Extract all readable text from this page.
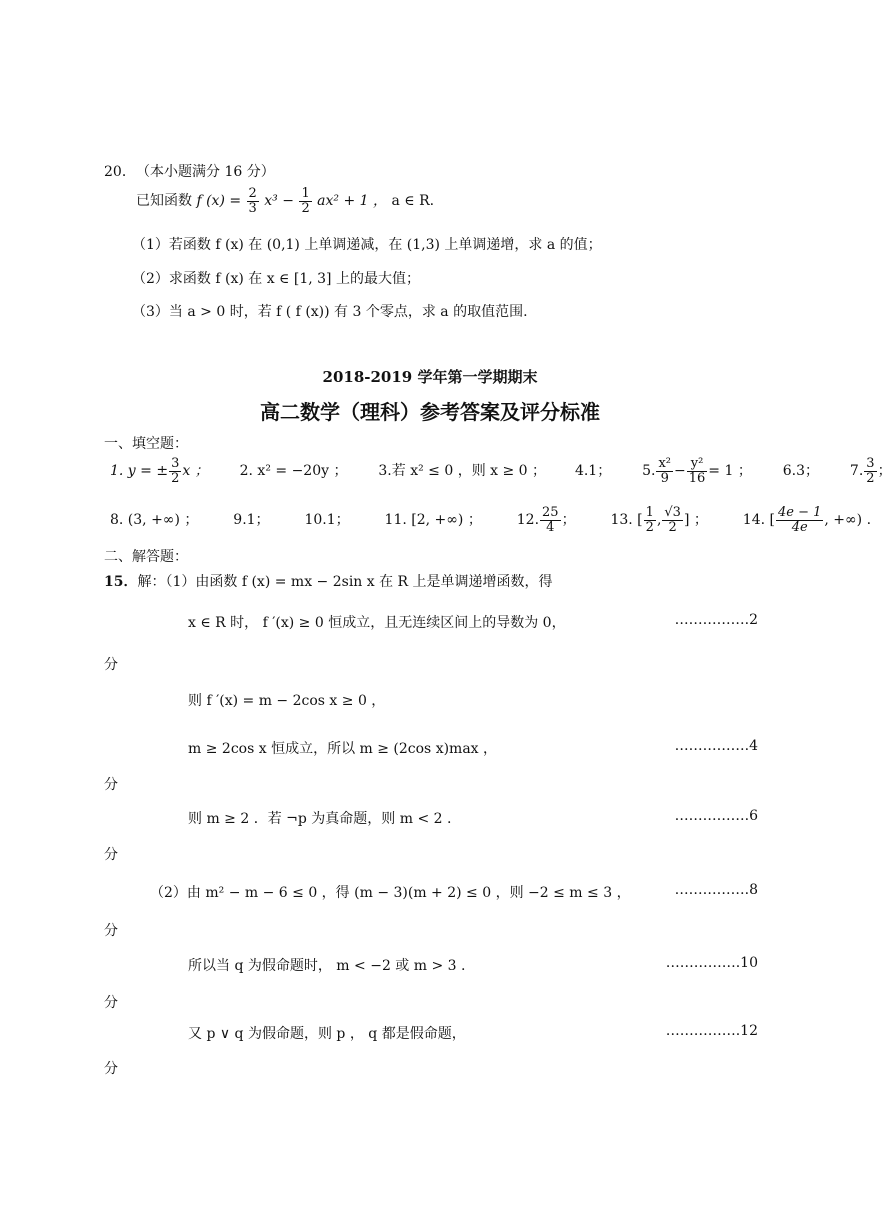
20． （本小题满分 16 分）
已知函数 f $(x) = \frac{2}{3} x^3 - \frac{1}{2} ax^2 + 1$ ， a ∈ R.
（1）若函数 f (x) 在 (0,1) 上单调递减，在 (1,3) 上单调递增，求 a 的值；
（2）求函数 f (x) 在 x ∈ [1, 3] 上的最大值；
（3）当 a > 0 时，若 f ( f (x)) 有 3 个零点，求 a 的取值范围.
2018-2019 学年第一学期期末
高二数学（理科）参考答案及评分标准
一、填空题：
1. y = ± $\frac{3}{2}$ x ； 2. x² = −20y ； 3.若 x² ≤ 0 ，则 x ≥ 0 ； 4.1； 5. $\frac{\text{x²}}{9} - \frac{\text{y²}}{16} = 1$ ； 6.3； 7. $\frac{3}{2}$ ；
8. (3, +∞) ； 9.1； 10.1； 11. [2, +∞) ； 12. $\frac{25}{4}$ ； 13. [ $\frac{1}{2}$ , $\frac{√3}{2}$ ] ； 14. [ $\frac{4e - 1}{4e}$ , +∞) .
二、解答题：
15．解：（1）由函数 f (x) = mx − 2sin x 在 R 上是单调递增函数，得
x ∈ R 时， f ′(x) ≥ 0 恒成立，且无连续区间上的导数为 0，	…………….2
分
则 f ′(x) = m − 2cos x ≥ 0 ，
m ≥ 2cos x 恒成立，所以 m ≥ (2cos x)max ，	…………….4
分
则 m ≥ 2 ．若 ¬p 为真命题，则 m < 2 .	…………….6
分
（2）由 m² − m − 6 ≤ 0 ，得 (m − 3)(m + 2) ≤ 0 ，则 −2 ≤ m ≤ 3 ，	…………….8
分
所以当 q 为假命题时， m < −2 或 m > 3 .	…………….10
分
又 p ∨ q 为假命题，则 p ， q 都是假命题，	…………….12
分
